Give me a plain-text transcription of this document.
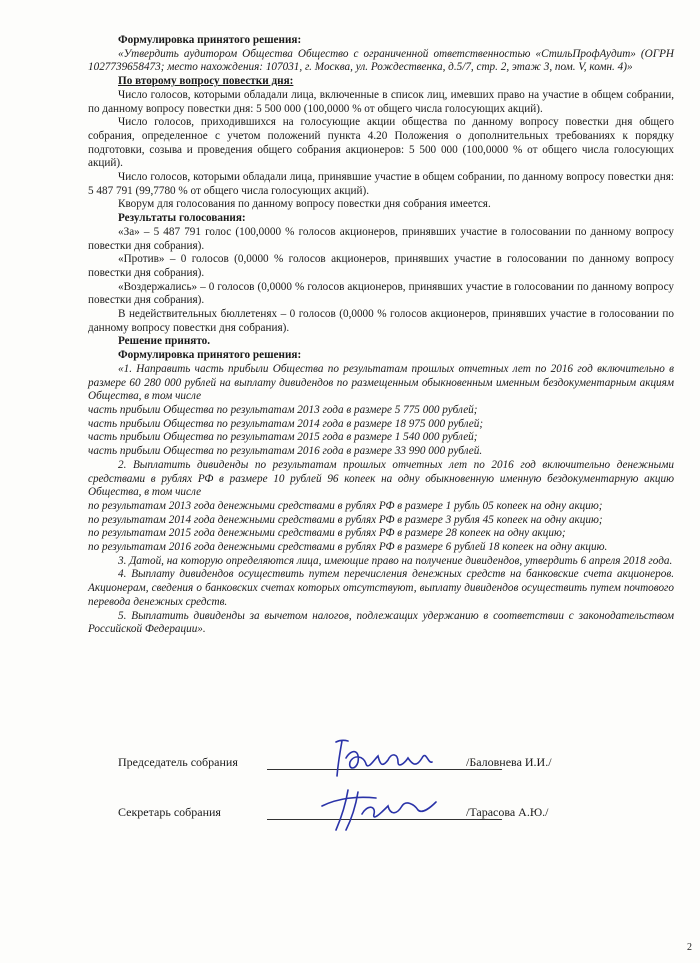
Формулировка принятого решения:

«Утвердить аудитором Общества Общество с ограниченной ответственностью «СтильПрофАудит» (ОГРН 1027739658473; место нахождения: 107031, г. Москва, ул. Рождественка, д.5/7, стр. 2, этаж 3, пом. V, комн. 4)»

По второму вопросу повестки дня:

Число голосов, которыми обладали лица, включенные в список лиц, имевших право на участие в общем собрании, по данному вопросу повестки дня: 5 500 000 (100,0000 % от общего числа голосующих акций).

Число голосов, приходившихся на голосующие акции общества по данному вопросу повестки дня общего собрания, определенное с учетом положений пункта 4.20 Положения о дополнительных требованиях к порядку подготовки, созыва и проведения общего собрания акционеров: 5 500 000 (100,0000 % от общего числа голосующих акций).

Число голосов, которыми обладали лица, принявшие участие в общем собрании, по данному вопросу повестки дня: 5 487 791 (99,7780 % от общего числа голосующих акций).

Кворум для голосования по данному вопросу повестки дня собрания имеется.

Результаты голосования:

«За» – 5 487 791 голос (100,0000 % голосов акционеров, принявших участие в голосовании по данному вопросу повестки дня собрания).

«Против» – 0 голосов (0,0000 % голосов акционеров, принявших участие в голосовании по данному вопросу повестки дня собрания).

«Воздержались» – 0 голосов (0,0000 % голосов акционеров, принявших участие в голосовании по данному вопросу повестки дня собрания).

В недействительных бюллетенях – 0 голосов (0,0000 % голосов акционеров, принявших участие в голосовании по данному вопросу повестки дня собрания).

Решение принято.

Формулировка принятого решения:

«1. Направить часть прибыли Общества по результатам прошлых отчетных лет по 2016 год включительно в размере 60 280 000 рублей на выплату дивидендов по размещенным обыкновенным именным бездокументарным акциям Общества, в том числе

часть прибыли Общества по результатам 2013 года в размере 5 775 000 рублей;

часть прибыли Общества по результатам 2014 года в размере 18 975 000 рублей;

часть прибыли Общества по результатам 2015 года в размере 1 540 000 рублей;

часть прибыли Общества по результатам 2016 года в размере 33 990 000 рублей.

2. Выплатить дивиденды по результатам прошлых отчетных лет по 2016 год включительно денежными средствами в рублях РФ в размере 10 рублей 96 копеек на одну обыкновенную именную бездокументарную акцию Общества, в том числе

по результатам 2013 года денежными средствами в рублях РФ в размере 1 рубль 05 копеек на одну акцию;

по результатам 2014 года денежными средствами в рублях РФ в размере 3 рубля 45 копеек на одну акцию;

по результатам 2015 года денежными средствами в рублях РФ в размере 28 копеек на одну акцию;

по результатам 2016 года денежными средствами в рублях РФ в размере 6 рублей 18 копеек на одну акцию.

3. Датой, на которую определяются лица, имеющие право на получение дивидендов, утвердить 6 апреля 2018 года.

4. Выплату дивидендов осуществить путем перечисления денежных средств на банковские счета акционеров. Акционерам, сведения о банковских счетах которых отсутствуют, выплату дивидендов осуществить путем почтового перевода денежных средств.

5. Выплатить дивиденды за вычетом налогов, подлежащих удержанию в соответствии с законодательством Российской Федерации».

Председатель собрания	/Баловнева И.И./
Секретарь собрания	/Тарасова А.Ю./
2
